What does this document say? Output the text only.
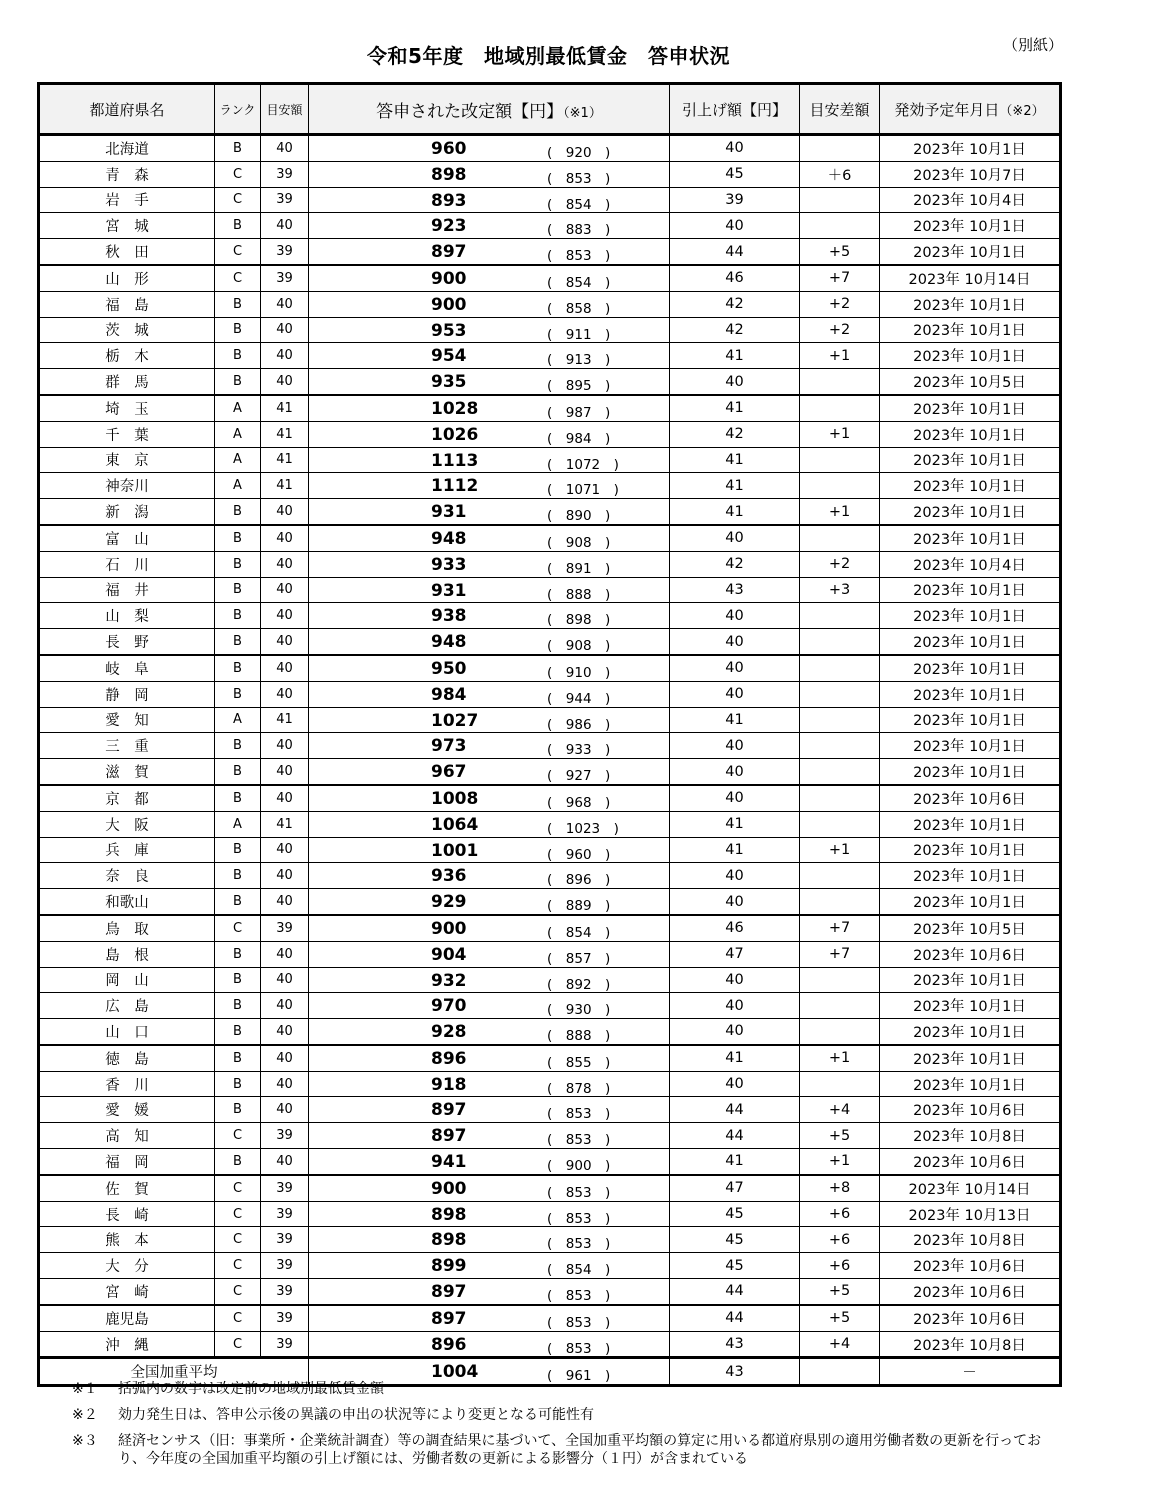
（別紙）
令和5年度　地域別最低賃金　答申状況
都道府県名	ランク	目安額	答申された改定額【円】（※1）	引上げ額【円】	目安差額	発効予定年月日（※2）
北海道	B	40	960 (　920　)	40		2023年 10月1日
青　森	C	39	898 (　853　)	45	＋6	2023年 10月7日
岩　手	C	39	893 (　854　)	39		2023年 10月4日
宮　城	B	40	923 (　883　)	40		2023年 10月1日
秋　田	C	39	897 (　853　)	44	+5	2023年 10月1日
山　形	C	39	900 (　854　)	46	+7	2023年 10月14日
福　島	B	40	900 (　858　)	42	+2	2023年 10月1日
茨　城	B	40	953 (　911　)	42	+2	2023年 10月1日
栃　木	B	40	954 (　913　)	41	+1	2023年 10月1日
群　馬	B	40	935 (　895　)	40		2023年 10月5日
埼　玉	A	41	1028 (　987　)	41		2023年 10月1日
千　葉	A	41	1026 (　984　)	42	+1	2023年 10月1日
東　京	A	41	1113 (　1072　)	41		2023年 10月1日
神奈川	A	41	1112 (　1071　)	41		2023年 10月1日
新　潟	B	40	931 (　890　)	41	+1	2023年 10月1日
富　山	B	40	948 (　908　)	40		2023年 10月1日
石　川	B	40	933 (　891　)	42	+2	2023年 10月4日
福　井	B	40	931 (　888　)	43	+3	2023年 10月1日
山　梨	B	40	938 (　898　)	40		2023年 10月1日
長　野	B	40	948 (　908　)	40		2023年 10月1日
岐　阜	B	40	950 (　910　)	40		2023年 10月1日
静　岡	B	40	984 (　944　)	40		2023年 10月1日
愛　知	A	41	1027 (　986　)	41		2023年 10月1日
三　重	B	40	973 (　933　)	40		2023年 10月1日
滋　賀	B	40	967 (　927　)	40		2023年 10月1日
京　都	B	40	1008 (　968　)	40		2023年 10月6日
大　阪	A	41	1064 (　1023　)	41		2023年 10月1日
兵　庫	B	40	1001 (　960　)	41	+1	2023年 10月1日
奈　良	B	40	936 (　896　)	40		2023年 10月1日
和歌山	B	40	929 (　889　)	40		2023年 10月1日
鳥　取	C	39	900 (　854　)	46	+7	2023年 10月5日
島　根	B	40	904 (　857　)	47	+7	2023年 10月6日
岡　山	B	40	932 (　892　)	40		2023年 10月1日
広　島	B	40	970 (　930　)	40		2023年 10月1日
山　口	B	40	928 (　888　)	40		2023年 10月1日
徳　島	B	40	896 (　855　)	41	+1	2023年 10月1日
香　川	B	40	918 (　878　)	40		2023年 10月1日
愛　媛	B	40	897 (　853　)	44	+4	2023年 10月6日
高　知	C	39	897 (　853　)	44	+5	2023年 10月8日
福　岡	B	40	941 (　900　)	41	+1	2023年 10月6日
佐　賀	C	39	900 (　853　)	47	+8	2023年 10月14日
長　崎	C	39	898 (　853　)	45	+6	2023年 10月13日
熊　本	C	39	898 (　853　)	45	+6	2023年 10月8日
大　分	C	39	899 (　854　)	45	+6	2023年 10月6日
宮　崎	C	39	897 (　853　)	44	+5	2023年 10月6日
鹿児島	C	39	897 (　853　)	44	+5	2023年 10月6日
沖　縄	C	39	896 (　853　)	43	+4	2023年 10月8日
全国加重平均			1004 (　961　)	43		－
※１ 括弧内の数字は改定前の地域別最低賃金額
※２ 効力発生日は、答申公示後の異議の申出の状況等により変更となる可能性有
※３ 経済センサス（旧：事業所・企業統計調査）等の調査結果に基づいて、全国加重平均額の算定に用いる都道府県別の適用労働者数の更新を行っており、今年度の全国加重平均額の引上げ額には、労働者数の更新による影響分（１円）が含まれている
